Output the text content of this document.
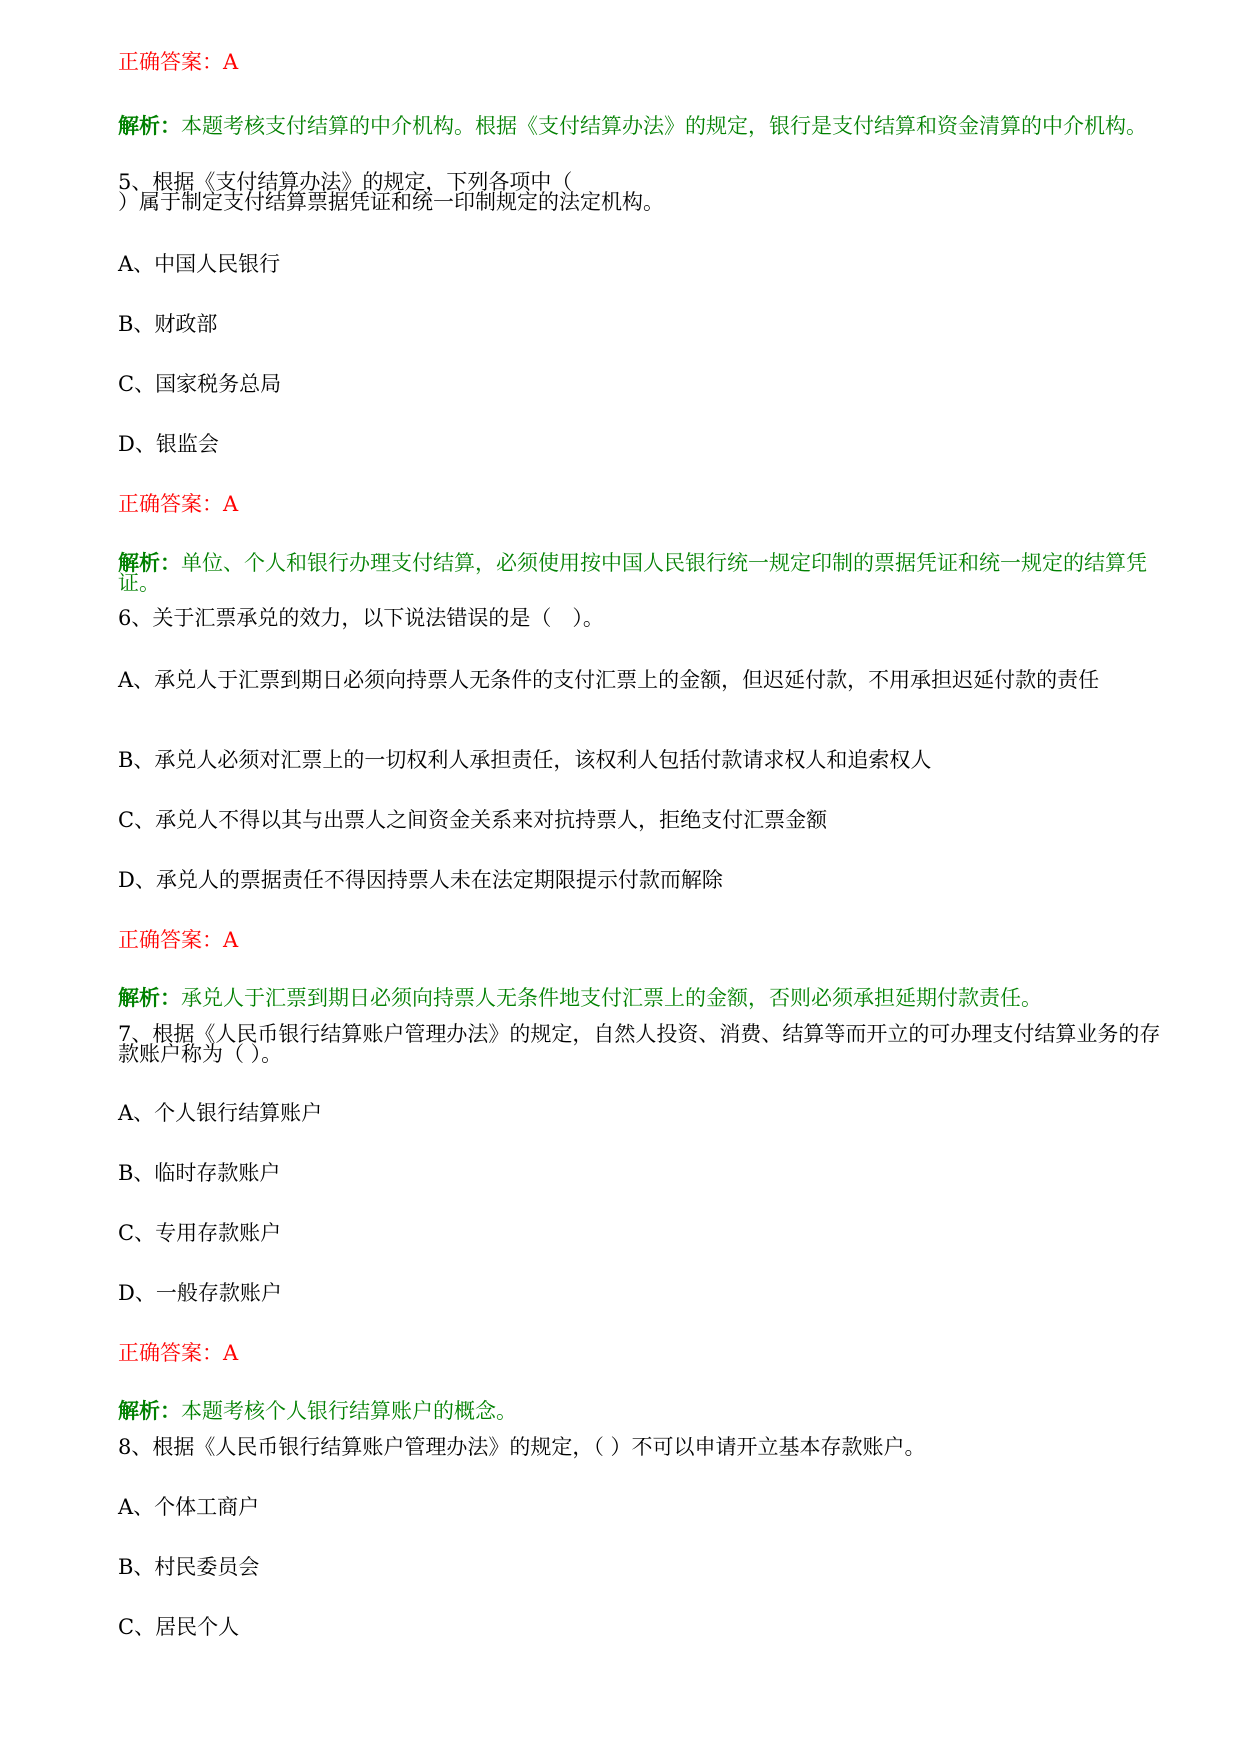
正确答案：A
解析：本题考核支付结算的中介机构。根据《支付结算办法》的规定，银行是支付结算和资金清算的中介机构。
5、根据《支付结算办法》的规定，下列各项中（
）属于制定支付结算票据凭证和统一印制规定的法定机构。
A、中国人民银行
B、财政部
C、国家税务总局
D、银监会
正确答案：A
解析：单位、个人和银行办理支付结算，必须使用按中国人民银行统一规定印制的票据凭证和统一规定的结算凭证。
6、关于汇票承兑的效力，以下说法错误的是（　）。
A、承兑人于汇票到期日必须向持票人无条件的支付汇票上的金额，但迟延付款，不用承担迟延付款的责任
B、承兑人必须对汇票上的一切权利人承担责任，该权利人包括付款请求权人和追索权人
C、承兑人不得以其与出票人之间资金关系来对抗持票人，拒绝支付汇票金额
D、承兑人的票据责任不得因持票人未在法定期限提示付款而解除
正确答案：A
解析：承兑人于汇票到期日必须向持票人无条件地支付汇票上的金额，否则必须承担延期付款责任。
7、根据《人民币银行结算账户管理办法》的规定，自然人投资、消费、结算等而开立的可办理支付结算业务的存款账户称为（ ）。
A、个人银行结算账户
B、临时存款账户
C、专用存款账户
D、一般存款账户
正确答案：A
解析：本题考核个人银行结算账户的概念。
8、根据《人民币银行结算账户管理办法》的规定，（ ）不可以申请开立基本存款账户。
A、个体工商户
B、村民委员会
C、居民个人
